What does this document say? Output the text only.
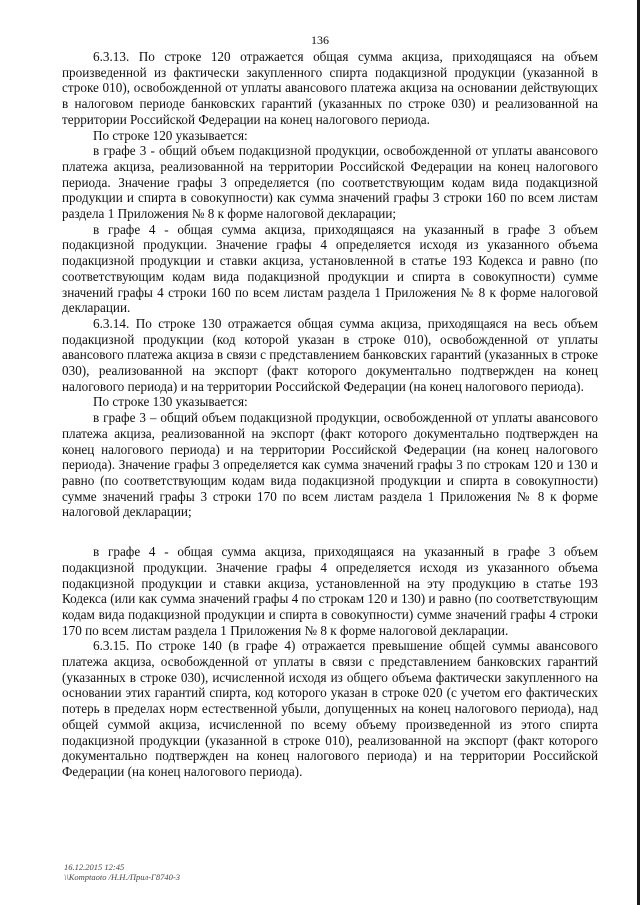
136

6.3.13. По строке 120 отражается общая сумма акциза, приходящаяся на объем произведенной из фактически закупленного спирта подакцизной продукции (указанной в строке 010), освобожденной от уплаты авансового платежа акциза на основании действующих в налоговом периоде банковских гарантий (указанных по строке 030) и реализованной на территории Российской Федерации на конец налогового периода.

По строке 120 указывается:

в графе 3 - общий объем подакцизной продукции, освобожденной от уплаты авансового платежа акциза, реализованной на территории Российской Федерации на конец налогового периода. Значение графы 3 определяется (по соответствующим кодам вида подакцизной продукции и спирта в совокупности) как сумма значений графы 3 строки 160 по всем листам раздела 1 Приложения № 8 к форме налоговой декларации;

в графе 4 - общая сумма акциза, приходящаяся на указанный в графе 3 объем подакцизной продукции. Значение графы 4 определяется исходя из указанного объема подакцизной продукции и ставки акциза, установленной в статье 193 Кодекса и равно (по соответствующим кодам вида подакцизной продукции и спирта в совокупности) сумме значений графы 4 строки 160 по всем листам раздела 1 Приложения № 8 к форме налоговой декларации.

6.3.14. По строке 130 отражается общая сумма акциза, приходящаяся на весь объем подакцизной продукции (код которой указан в строке 010), освобожденной от уплаты авансового платежа акциза в связи с представлением банковских гарантий (указанных в строке 030), реализованной на экспорт (факт которого документально подтвержден на конец налогового периода) и на территории Российской Федерации (на конец налогового периода).

По строке 130 указывается:

в графе 3 – общий объем подакцизной продукции, освобожденной от уплаты авансового платежа акциза, реализованной на экспорт (факт которого документально подтвержден на конец налогового периода) и на территории Российской Федерации (на конец налогового периода). Значение графы 3 определяется как сумма значений графы 3 по строкам 120 и 130 и равно (по соответствующим кодам вида подакцизной продукции и спирта в совокупности) сумме значений графы 3 строки 170 по всем листам раздела 1 Приложения № 8 к форме налоговой декларации;

в графе 4 - общая сумма акциза, приходящаяся на указанный в графе 3 объем подакцизной продукции. Значение графы 4 определяется исходя из указанного объема подакцизной продукции и ставки акциза, установленной на эту продукцию в статье 193 Кодекса (или как сумма значений графы 4 по строкам 120 и 130) и равно (по соответствующим кодам вида подакцизной продукции и спирта в совокупности) сумме значений графы 4 строки 170 по всем листам раздела 1 Приложения № 8 к форме налоговой декларации.

6.3.15. По строке 140 (в графе 4) отражается превышение общей суммы авансового платежа акциза, освобожденной от уплаты в связи с представлением банковских гарантий (указанных в строке 030), исчисленной исходя из общего объема фактически закупленного на основании этих гарантий спирта, код которого указан в строке 020 (с учетом его фактических потерь в пределах норм естественной убыли, допущенных на конец налогового периода), над общей суммой акциза, исчисленной по всему объему произведенной из этого спирта подакцизной продукции (указанной в строке 010), реализованной на экспорт (факт которого документально подтвержден на конец налогового периода) и на территории Российской Федерации (на конец налогового периода).

16.12.2015 12:45
\\Komptaoto /Н.Н./Прил-Г8740-3
